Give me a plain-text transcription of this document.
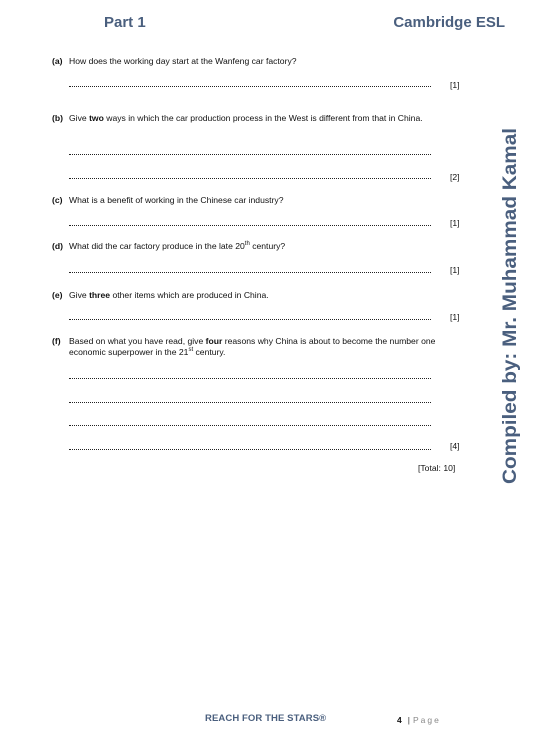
Part 1	Cambridge ESL
(a) How does the working day start at the Wanfeng car factory?
[1]
(b) Give two ways in which the car production process in the West is different from that in China.
[2]
(c) What is a benefit of working in the Chinese car industry?
[1]
(d) What did the car factory produce in the late 20th century?
[1]
(e) Give three other items which are produced in China.
[1]
(f) Based on what you have read, give four reasons why China is about to become the number one economic superpower in the 21st century.
[4]
[Total: 10] Compiled by: Mr. Muhammad Kamal
REACH FOR THE STARS®	4 | Page
